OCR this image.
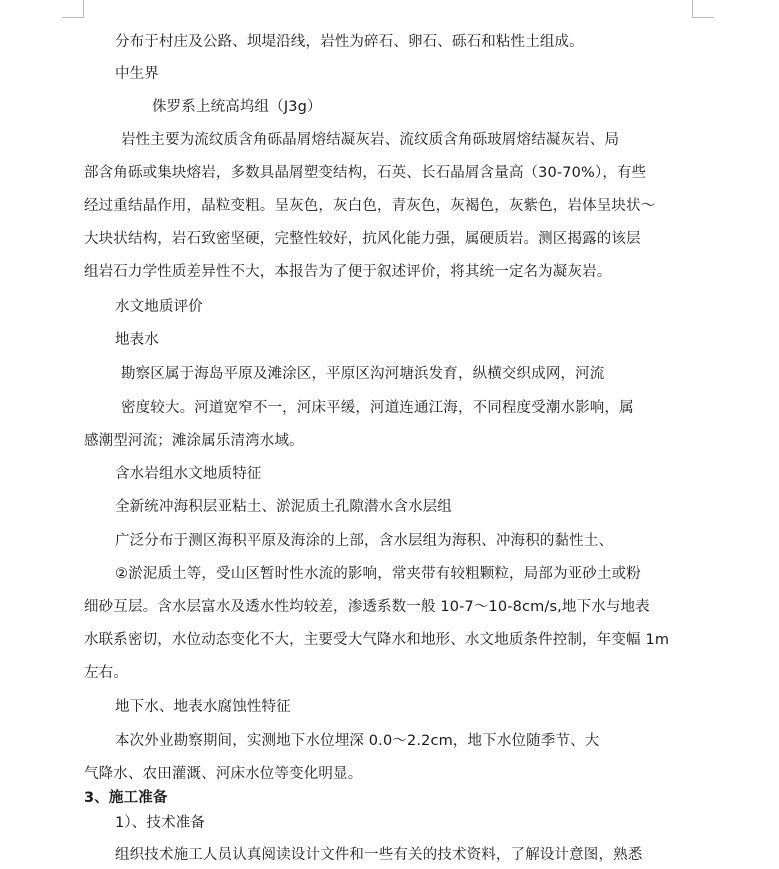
分布于村庄及公路、坝堤沿线，岩性为碎石、卵石、砾石和粘性土组成。
中生界
侏罗系上统高坞组（J3g）
岩性主要为流纹质含角砾晶屑熔结凝灰岩、流纹质含角砾玻屑熔结凝灰岩、局
部含角砾或集块熔岩，多数具晶屑塑变结构，石英、长石晶屑含量高（30-70%），有些
经过重结晶作用，晶粒变粗。呈灰色，灰白色，青灰色，灰褐色，灰紫色，岩体呈块状～
大块状结构，岩石致密坚硬，完整性较好，抗风化能力强，属硬质岩。测区揭露的该层
组岩石力学性质差异性不大，本报告为了便于叙述评价，将其统一定名为凝灰岩。
水文地质评价
地表水
勘察区属于海岛平原及滩涂区，平原区沟河塘浜发育，纵横交织成网，河流
密度较大。河道宽窄不一，河床平缓，河道连通江海，不同程度受潮水影响，属
感潮型河流；滩涂属乐清湾水域。
含水岩组水文地质特征
全新统冲海积层亚粘土、淤泥质土孔隙潜水含水层组
广泛分布于测区海积平原及海涂的上部，含水层组为海积、冲海积的黏性土、
②淤泥质土等，受山区暂时性水流的影响，常夹带有较粗颗粒，局部为亚砂土或粉
细砂互层。含水层富水及透水性均较差，渗透系数一般 10-7～10-8cm/s,地下水与地表
水联系密切，水位动态变化不大，主要受大气降水和地形、水文地质条件控制，年变幅 1m
左右。
地下水、地表水腐蚀性特征
本次外业勘察期间，实测地下水位埋深 0.0～2.2cm，地下水位随季节、大
气降水、农田灌溉、河床水位等变化明显。
3、施工准备
1）、技术准备
组织技术施工人员认真阅读设计文件和一些有关的技术资料，了解设计意图，熟悉
